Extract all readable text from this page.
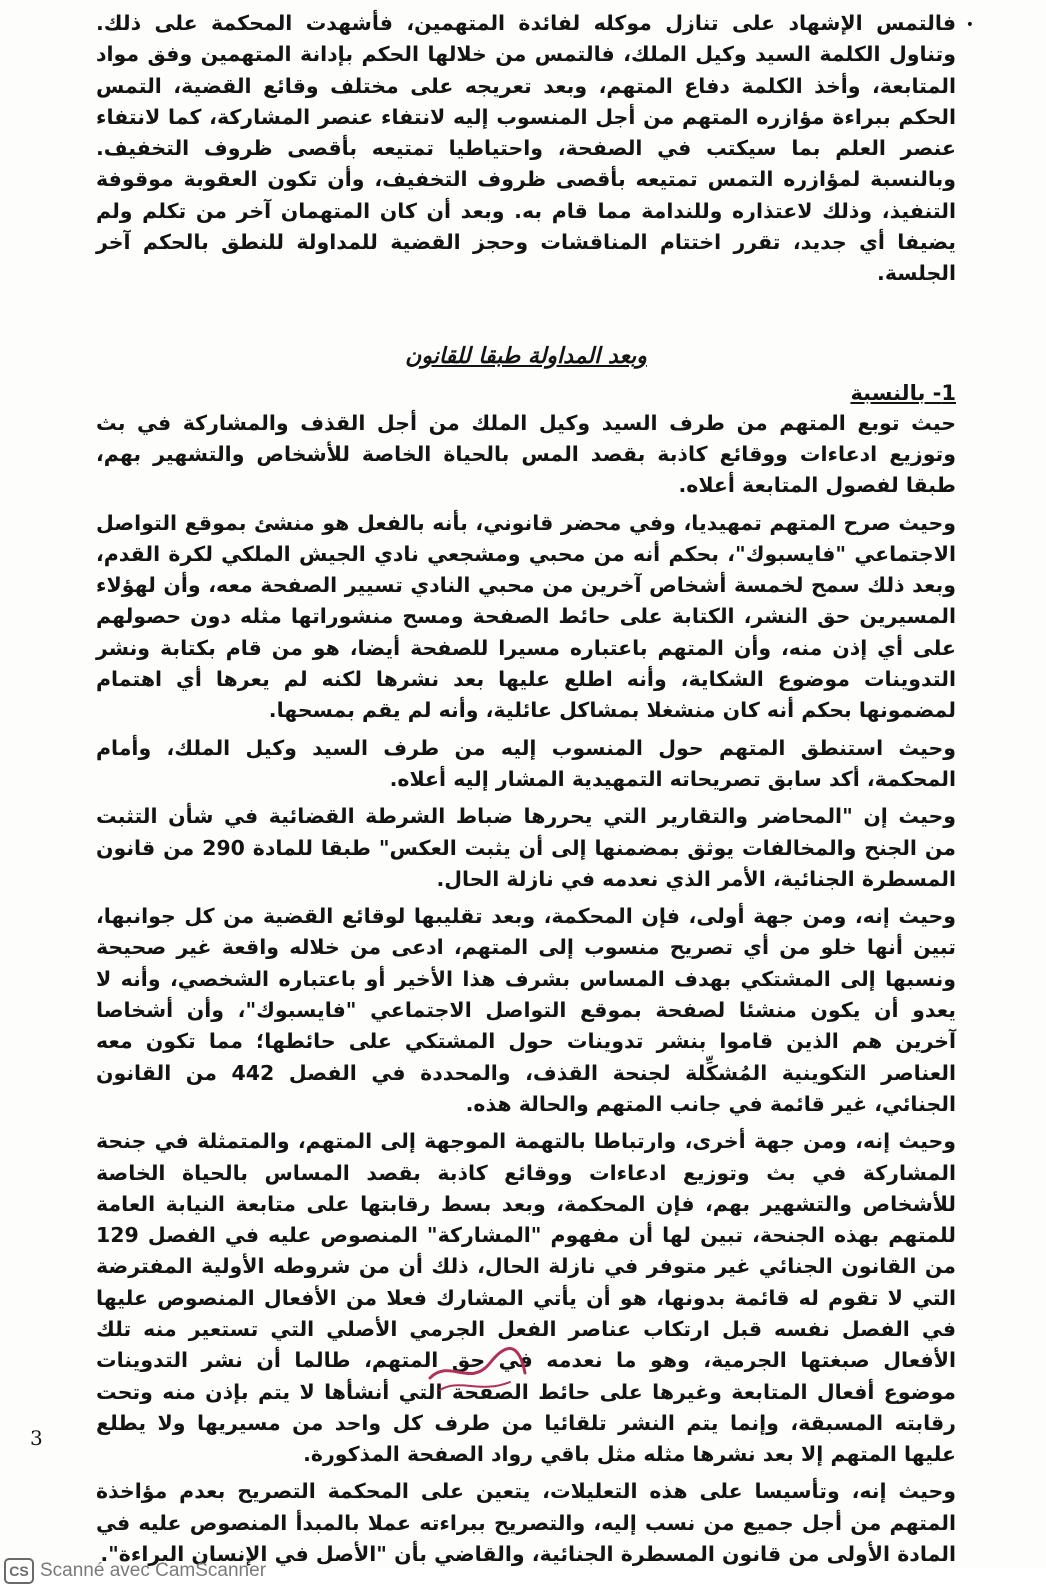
•

فالتمس الإشهاد على تنازل موكله لفائدة المتهمين، فأشهدت المحكمة على ذلك. وتناول الكلمة السيد وكيل الملك، فالتمس من خلالها الحكم بإدانة المتهمين وفق مواد المتابعة، وأخذ الكلمة دفاع المتهم، وبعد تعريجه على مختلف وقائع القضية، التمس الحكم ببراءة مؤازره المتهم من أجل المنسوب إليه لانتفاء عنصر المشاركة، كما لانتفاء عنصر العلم بما سيكتب في الصفحة، واحتياطيا تمتيعه بأقصى ظروف التخفيف. وبالنسبة لمؤازره التمس تمتيعه بأقصى ظروف التخفيف، وأن تكون العقوبة موقوفة التنفيذ، وذلك لاعتذاره وللندامة مما قام به. وبعد أن كان المتهمان آخر من تكلم ولم يضيفا أي جديد، تقرر اختتام المناقشات وحجز القضية للمداولة للنطق بالحكم آخر الجلسة.

وبعد المداولة طبقا للقانون
1- بالنسبة

حيث توبع المتهم من طرف السيد وكيل الملك من أجل القذف والمشاركة في بث وتوزيع ادعاءات ووقائع كاذبة بقصد المس بالحياة الخاصة للأشخاص والتشهير بهم، طبقا لفصول المتابعة أعلاه.

وحيث صرح المتهم تمهيديا، وفي محضر قانوني، بأنه بالفعل هو منشئ بموقع التواصل الاجتماعي "فايسبوك"، بحكم أنه من محبي ومشجعي نادي الجيش الملكي لكرة القدم، وبعد ذلك سمح لخمسة أشخاص آخرين من محبي النادي تسيير الصفحة معه، وأن لهؤلاء المسيرين حق النشر، الكتابة على حائط الصفحة ومسح منشوراتها مثله دون حصولهم على أي إذن منه، وأن المتهم باعتباره مسيرا للصفحة أيضا، هو من قام بكتابة ونشر التدوينات موضوع الشكاية، وأنه اطلع عليها بعد نشرها لكنه لم يعرها أي اهتمام لمضمونها بحكم أنه كان منشغلا بمشاكل عائلية، وأنه لم يقم بمسحها.

وحيث استنطق المتهم حول المنسوب إليه من طرف السيد وكيل الملك، وأمام المحكمة، أكد سابق تصريحاته التمهيدية المشار إليه أعلاه.

وحيث إن "المحاضر والتقارير التي يحررها ضباط الشرطة القضائية في شأن التثبت من الجنح والمخالفات يوثق بمضمنها إلى أن يثبت العكس" طبقا للمادة 290 من قانون المسطرة الجنائية، الأمر الذي نعدمه في نازلة الحال.

وحيث إنه، ومن جهة أولى، فإن المحكمة، وبعد تقليبها لوقائع القضية من كل جوانبها، تبين أنها خلو من أي تصريح منسوب إلى المتهم، ادعى من خلاله واقعة غير صحيحة ونسبها إلى المشتكي بهدف المساس بشرف هذا الأخير أو باعتباره الشخصي، وأنه لا يعدو أن يكون منشئا لصفحة بموقع التواصل الاجتماعي "فايسبوك"، وأن أشخاصا آخرين هم الذين قاموا بنشر تدوينات حول المشتكي على حائطها؛ مما تكون معه العناصر التكوينية المُشكِّلة لجنحة القذف، والمحددة في الفصل 442 من القانون الجنائي، غير قائمة في جانب المتهم والحالة هذه.

وحيث إنه، ومن جهة أخرى، وارتباطا بالتهمة الموجهة إلى المتهم، والمتمثلة في جنحة المشاركة في بث وتوزيع ادعاءات ووقائع كاذبة بقصد المساس بالحياة الخاصة للأشخاص والتشهير بهم، فإن المحكمة، وبعد بسط رقابتها على متابعة النيابة العامة للمتهم بهذه الجنحة، تبين لها أن مفهوم "المشاركة" المنصوص عليه في الفصل 129 من القانون الجنائي غير متوفر في نازلة الحال، ذلك أن من شروطه الأولية المفترضة التي لا تقوم له قائمة بدونها، هو أن يأتي المشارك فعلا من الأفعال المنصوص عليها في الفصل نفسه قبل ارتكاب عناصر الفعل الجرمي الأصلي التي تستعير منه تلك الأفعال صبغتها الجرمية، وهو ما نعدمه في حق المتهم، طالما أن نشر التدوينات موضوع أفعال المتابعة وغيرها على حائط الصفحة التي أنشأها لا يتم بإذن منه وتحت رقابته المسبقة، وإنما يتم النشر تلقائيا من طرف كل واحد من مسيريها ولا يطلع عليها المتهم إلا بعد نشرها مثله مثل باقي رواد الصفحة المذكورة.

وحيث إنه، وتأسيسا على هذه التعليلات، يتعين على المحكمة التصريح بعدم مؤاخذة المتهم من أجل جميع من نسب إليه، والتصريح ببراءته عملا بالمبدأ المنصوص عليه في المادة الأولى من قانون المسطرة الجنائية، والقاضي بأن "الأصل في الإنسان البراءة".

3
CS Scanné avec CamScanner
